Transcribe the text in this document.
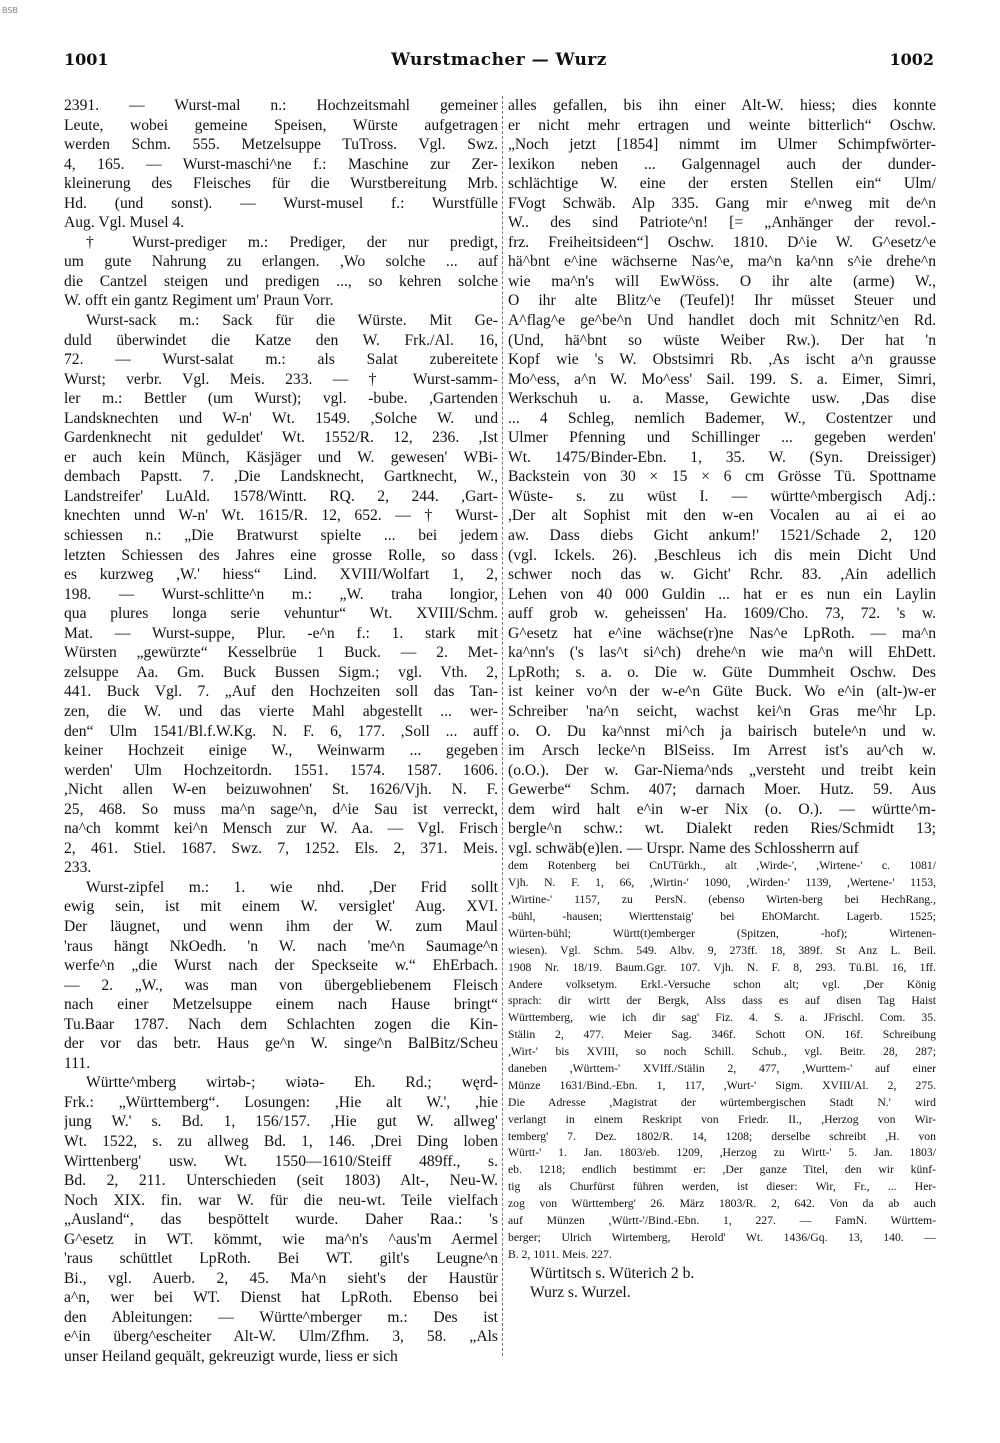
BSB
1001	Wurstmacher — Wurz	1002
2391. — Wurst-mal n.: Hochzeitsmahl gemeiner
Leute, wobei gemeine Speisen, Würste aufgetragen
werden Schm. 555. Metzelsuppe TuTross. Vgl. Swz.
4, 165. — Wurst-maschi^ne f.: Maschine zur Zer-
kleinerung des Fleisches für die Wurstbereitung Mrb.
Hd. (und sonst). — Wurst-musel f.: Wurstfülle
Aug. Vgl. Musel 4.
† Wurst-prediger m.: Prediger, der nur predigt,
um gute Nahrung zu erlangen. ,Wo solche ... auf
die Cantzel steigen und predigen ..., so kehren solche
W. offt ein gantz Regiment um' Praun Vorr.
Wurst-sack m.: Sack für die Würste. Mit Ge-
duld überwindet die Katze den W. Frk./Al. 16,
72. — Wurst-salat m.: als Salat zubereitete
Wurst; verbr. Vgl. Meis. 233. — † Wurst-samm-
ler m.: Bettler (um Wurst); vgl. -bube. ,Gartenden
Landsknechten und W-n' Wt. 1549. ,Solche W. und
Gardenknecht nit geduldet' Wt. 1552/R. 12, 236. ,Ist
er auch kein Münch, Käsjäger und W. gewesen' WBi-
dembach Papstt. 7. ,Die Landsknecht, Gartknecht, W.,
Landstreifer' LuAld. 1578/Wintt. RQ. 2, 244. ,Gart-
knechten unnd W-n' Wt. 1615/R. 12, 652. — † Wurst-
schiessen n.: „Die Bratwurst spielte ... bei jedem
letzten Schiessen des Jahres eine grosse Rolle, so dass
es kurzweg ,W.' hiess“ Lind. XVIII/Wolfart 1, 2,
198. — Wurst-schlitte^n m.: „W. traha longior,
qua plures longa serie vehuntur“ Wt. XVIII/Schm.
Mat. — Wurst-suppe, Plur. -e^n f.: 1. stark mit
Würsten „gewürzte“ Kesselbrüe 1 Buck. — 2. Met-
zelsuppe Aa. Gm. Buck Bussen Sigm.; vgl. Vth. 2,
441. Buck Vgl. 7. „Auf den Hochzeiten soll das Tan-
zen, die W. und das vierte Mahl abgestellt ... wer-
den“ Ulm 1541/Bl.f.W.Kg. N. F. 6, 177. ,Soll ... auff
keiner Hochzeit einige W., Weinwarm ... gegeben
werden' Ulm Hochzeitordn. 1551. 1574. 1587. 1606.
,Nicht allen W-en beizuwohnen' St. 1626/Vjh. N. F.
25, 468. So muss ma^n sage^n, d^ie Sau ist verreckt,
na^ch kommt kei^n Mensch zur W. Aa. — Vgl. Frisch
2, 461. Stiel. 1687. Swz. 7, 1252. Els. 2, 371. Meis.
233.
Wurst-zipfel m.: 1. wie nhd. ,Der Frid sollt
ewig sein, ist mit einem W. versiglet' Aug. XVI.
Der läugnet, und wenn ihm der W. zum Maul
'raus hängt NkOedh. 'n W. nach 'me^n Saumage^n
werfe^n „die Wurst nach der Speckseite w.“ EhErbach.
— 2. „W., was man von übergebliebenem Fleisch
nach einer Metzelsuppe einem nach Hause bringt“
Tu.Baar 1787. Nach dem Schlachten zogen die Kin-
der vor das betr. Haus ge^n W. singe^n BalBitz/Scheu
111.
Württe^mberg wirtəb-; wiətə- Eh. Rd.; węrd-
Frk.: „Württemberg“. Losungen: ,Hie alt W.', ,hie
jung W.' s. Bd. 1, 156/157. ,Hie gut W. allweg'
Wt. 1522, s. zu allweg Bd. 1, 146. ,Drei Ding loben
Wirttenberg' usw. Wt. 1550—1610/Steiff 489ff., s.
Bd. 2, 211. Unterschieden (seit 1803) Alt-, Neu-W.
Noch XIX. fin. war W. für die neu-wt. Teile vielfach
„Ausland“, das bespöttelt wurde. Daher Raa.: 's
G^esetz in WT. kömmt, wie ma^n's ^aus'm Aermel
'raus schüttlet LpRoth. Bei WT. gilt's Leugne^n
Bi., vgl. Auerb. 2, 45. Ma^n sieht's der Haustür
a^n, wer bei WT. Dienst hat LpRoth. Ebenso bei
den Ableitungen: — Württe^mberger m.: Des ist
e^in überg^escheiter Alt-W. Ulm/Zfhm. 3, 58. „Als
unser Heiland gequält, gekreuzigt wurde, liess er sich
alles gefallen, bis ihn einer Alt-W. hiess; dies konnte
er nicht mehr ertragen und weinte bitterlich“ Oschw.
„Noch jetzt [1854] nimmt im Ulmer Schimpfwörter-
lexikon neben ... Galgennagel auch der dunder-
schlächtige W. eine der ersten Stellen ein“ Ulm/
FVogt Schwäb. Alp 335. Gang mir e^nweg mit de^n
W.. des sind Patriote^n! [= „Anhänger der revol.-
frz. Freiheitsideen“] Oschw. 1810. D^ie W. G^esetz^e
hä^bnt e^ine wächserne Nas^e, ma^n ka^nn s^ie drehe^n
wie ma^n's will EwWöss. O ihr alte (arme) W.,
O ihr alte Blitz^e (Teufel)! Ihr müsset Steuer und
A^flag^e ge^be^n Und handlet doch mit Schnitz^en Rd.
(Und, hä^bnt so wüste Weiber Rw.). Der hat 'n
Kopf wie 's W. Obstsimri Rb. ,As ischt a^n grausse
Mo^ess, a^n W. Mo^ess' Sail. 199. S. a. Eimer, Simri,
Werkschuh u. a. Masse, Gewichte usw. ,Das dise
... 4 Schleg, nemlich Bademer, W., Costentzer und
Ulmer Pfenning und Schillinger ... gegeben werden'
Wt. 1475/Binder-Ebn. 1, 35. W. (Syn. Dreissiger)
Backstein von 30 × 15 × 6 cm Grösse Tü. Spottname
Wüste- s. zu wüst I. — württe^mbergisch Adj.:
,Der alt Sophist mit den w-en Vocalen au ai ei ao
aw. Dass diebs Gicht ankum!' 1521/Schade 2, 120
(vgl. Ickels. 26). ,Beschleus ich dis mein Dicht Und
schwer noch das w. Gicht' Rchr. 83. ,Ain adellich
Lehen von 40 000 Guldin ... hat er es nun ein Laylin
auff grob w. geheissen' Ha. 1609/Cho. 73, 72. 's w.
G^esetz hat e^ine wächse(r)ne Nas^e LpRoth. — ma^n
ka^nn's ('s las^t si^ch) drehe^n wie ma^n will EhDett.
LpRoth; s. a. o. Die w. Güte Dummheit Oschw. Des
ist keiner vo^n der w-e^n Güte Buck. Wo e^in (alt-)w-er
Schreiber 'na^n seicht, wachst kei^n Gras me^hr Lp.
o. O. Du ka^nnst mi^ch ja bairisch butele^n und w.
im Arsch lecke^n BlSeiss. Im Arrest ist's au^ch w.
(o.O.). Der w. Gar-Niema^nds „versteht und treibt kein
Gewerbe“ Schm. 407; darnach Moer. Hutz. 59. Aus
dem wird halt e^in w-er Nix (o. O.). — württe^m-
bergle^n schw.: wt. Dialekt reden Ries/Schmidt 13;
vgl. schwäb(e)len. — Urspr. Name des Schlossherrn auf
dem Rotenberg bei CnUTürkh., alt ,Wirde-', ,Wirtene-' c. 1081/
Vjh. N. F. 1, 66, ,Wirtin-' 1090, ,Wirden-' 1139, ,Wertene-' 1153,
,Wirtine-' 1157, zu PersN. (ebenso Wirten-berg bei HechRang.,
-bühl, -hausen; Wierttenstaig' bei EhOMarcht. Lagerb. 1525;
Würten-bühl; Württ(t)emberger (Spitzen, -hof); Wirtenen-
wiesen). Vgl. Schm. 549. Albv. 9, 273ff. 18, 389f. St Anz L. Beil.
1908 Nr. 18/19. Baum.Ggr. 107. Vjh. N. F. 8, 293. Tü.Bl. 16, 1ff.
Andere volksetym. Erkl.-Versuche schon alt; vgl. ,Der König
sprach: dir wirtt der Bergk, Alss dass es auf disen Tag Haist
Württemberg, wie ich dir sag' Fiz. 4. S. a. JFrischl. Com. 35.
Stälin 2, 477. Meier Sag. 346f. Schott ON. 16f. Schreibung
,Wirt-' bis XVIII, so noch Schill. Schub., vgl. Beitr. 28, 287;
daneben ,Württem-' XVIff./Stälin 2, 477, ,Wurttem-' auf einer
Münze 1631/Bind.-Ebn. 1, 117, ,Wurt-' Sigm. XVIII/Al. 2, 275.
Die Adresse ,Magistrat der würtembergischen Stadt N.' wird
verlangt in einem Reskript von Friedr. II., ,Herzog von Wir-
temberg' 7. Dez. 1802/R. 14, 1208; derselbe schreibt ,H. von
Württ-' 1. Jan. 1803/eb. 1209, ,Herzog zu Wirtt-' 5. Jan. 1803/
eb. 1218; endlich bestimmt er: ,Der ganze Titel, den wir künf-
tig als Churfürst führen werden, ist dieser: Wir, Fr., ... Her-
zog von Württemberg' 26. März 1803/R. 2, 642. Von da ab auch
auf Münzen ,Württ-'/Bind.-Ebn. 1, 227. — FamN. Württem-
berger; Ulrich Wirtemberg, Herold' Wt. 1436/Gq. 13, 140. —
B. 2, 1011. Meis. 227.
Würtitsch s. Wüterich 2 b.
Wurz s. Wurzel.
